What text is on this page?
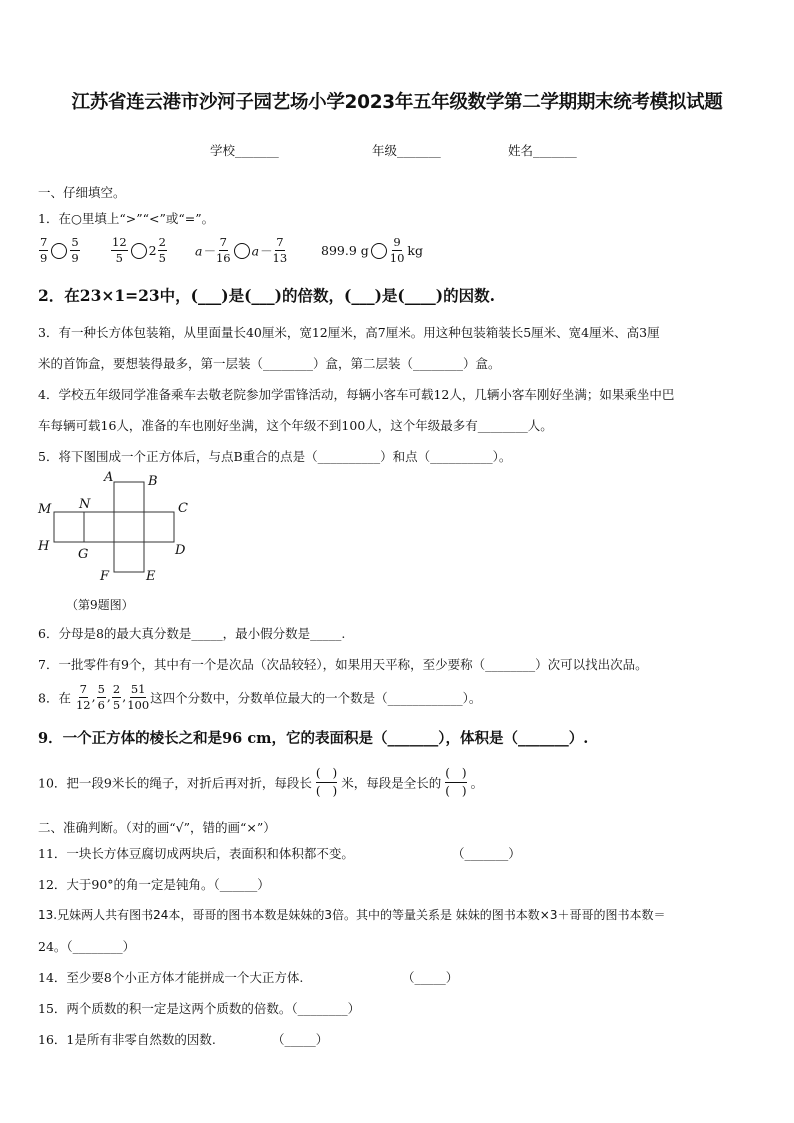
江苏省连云港市沙河子园艺场小学2023年五年级数学第二学期期末统考模拟试题
学校_______	年级_______	姓名_______
一、仔细填空。
1．在○里填上“>”“<”或“=”。
$\frac{7}{9} \frac{5}{9}$	$\frac{12}{5} 2 \frac{2}{5} a- \frac{7}{16} a- \frac{7}{13}$	899.9 g $\frac{9}{10}$ kg
2．在23×1=23中，(___)是(___)的倍数，(___)是(____)的因数.
3．有一种长方体包装箱，从里面量长40厘米，宽12厘米，高7厘米。用这种包装箱装长5厘米、宽4厘米、高3厘
米的首饰盒，要想装得最多，第一层装（________）盒，第二层装（________）盒。
4．学校五年级同学准备乘车去敬老院参加学雷锋活动，每辆小客车可载12人，几辆小客车刚好坐满；如果乘坐中巴
车每辆可载16人，准备的车也刚好坐满，这个年级不到100人，这个年级最多有________人。
5．将下图围成一个正方体后，与点B重合的点是（__________）和点（__________）。
A	B
M N	C
H
G	D
F	E
（第9题图）
6．分母是8的最大真分数是_____，最小假分数是_____.
7．一批零件有9个，其中有一个是次品（次品较轻），如果用天平称，至少要称（________）次可以找出次品。
8．在 $\frac{7}{12}$ , $\frac{5}{6}$ , $\frac{2}{5}$ , $\frac{51}{100}$ 这四个分数中，分数单位最大的一个数是（____________）。
9．一个正方体的棱长之和是96 cm，它的表面积是（_______），体积是（_______）.
10．把一段9米长的绳子，对折后再对折，每段长
(　)
(　)
米，每段是全长的
(　)
(　)
。
二、准确判断。（对的画“√”，错的画“×”）
11．一块长方体豆腐切成两块后，表面积和体积都不变。	（_______）
12．大于90°的角一定是钝角。（______）
13.兄妹两人共有图书24本，哥哥的图书本数是妹妹的3倍。其中的等量关系是 妹妹的图书本数×3＋哥哥的图书本数＝
24。（________）
14．至少要8个小正方体才能拼成一个大正方体.	（_____）
15．两个质数的积一定是这两个质数的倍数。（________）
16．1是所有非零自然数的因数.	（_____）
